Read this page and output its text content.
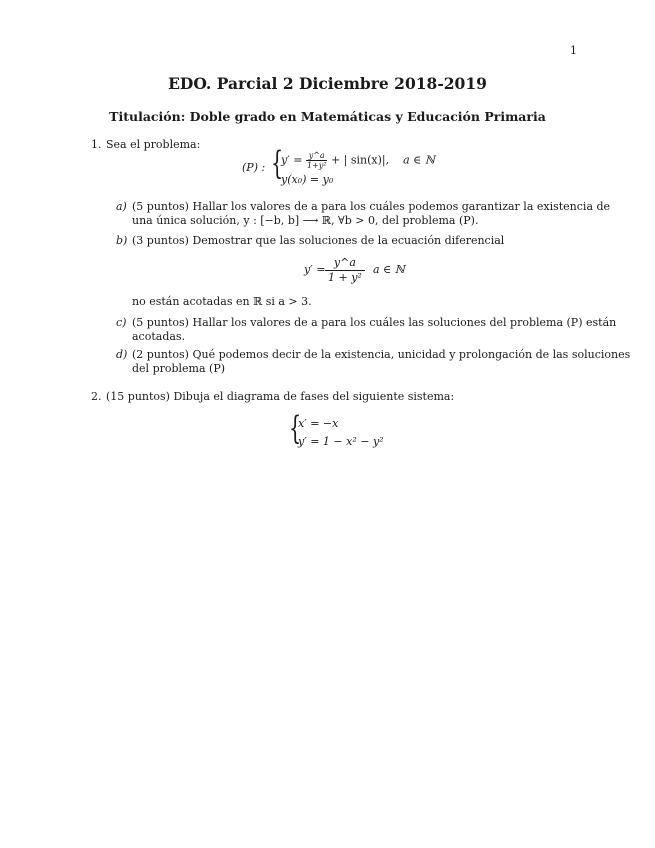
1
EDO. Parcial 2 Diciembre 2018-2019
Titulación: Doble grado en Matemáticas y Educación Primaria
1. Sea el problema:
(P) : {
$y' = \frac{y\^{}a}{\text{1+y²}}$ + | sin(x)|, a ∈ ℕ
y(x₀) = y₀
a) (5 puntos) Hallar los valores de a para los cuáles podemos garantizar la existencia de
una única solución, y : [−b, b] ⟶ ℝ, ∀b > 0, del problema (P).
b) (3 puntos) Demostrar que las soluciones de la ecuación diferencial
$y' = \frac{y\^{}a}{\text{1 + y²}}$ a ∈ ℕ
no están acotadas en ℝ si a > 3.
c) (5 puntos) Hallar los valores de a para los cuáles las soluciones del problema (P) están
acotadas.
d) (2 puntos) Qué podemos decir de la existencia, unicidad y prolongación de las soluciones
del problema (P)
2. (15 puntos) Dibuja el diagrama de fases del siguiente sistema:
{
x′ = −x
y′ = 1 − x² − y²
